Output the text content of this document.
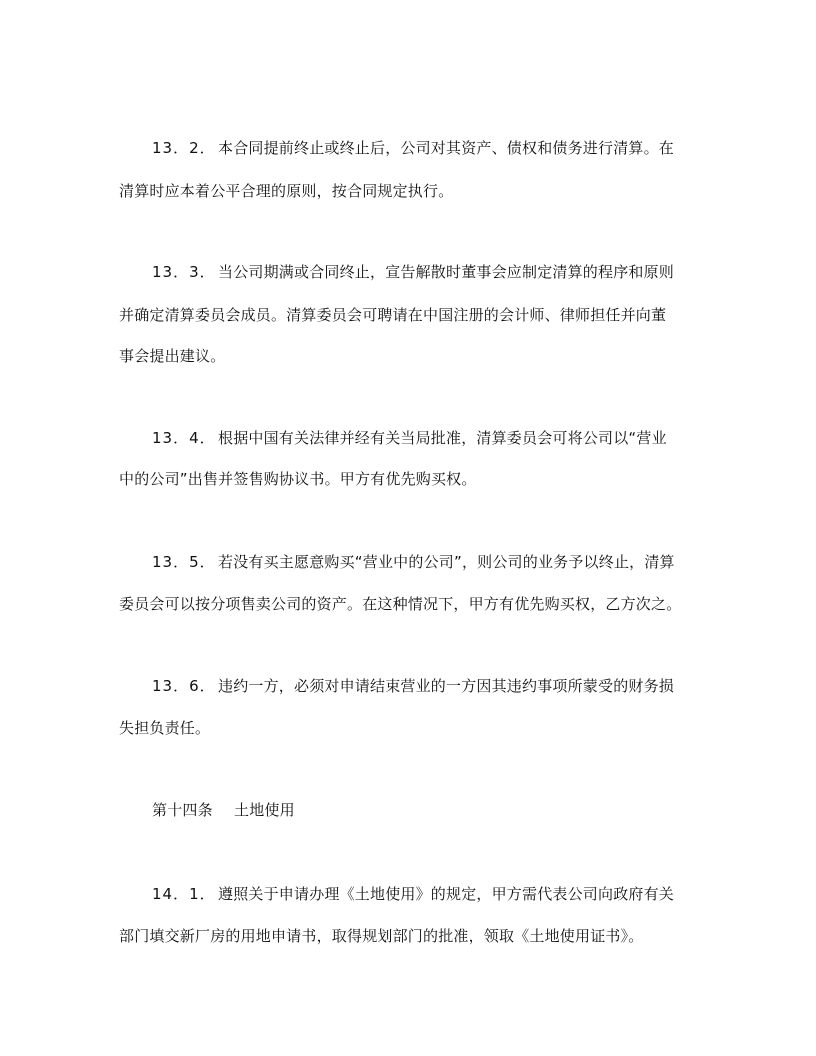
13．2． 本合同提前终止或终止后，公司对其资产、债权和债务进行清算。在
清算时应本着公平合理的原则，按合同规定执行。
13．3． 当公司期满或合同终止，宣告解散时董事会应制定清算的程序和原则
并确定清算委员会成员。清算委员会可聘请在中国注册的会计师、律师担任并向董
事会提出建议。
13．4． 根据中国有关法律并经有关当局批准，清算委员会可将公司以“营业
中的公司”出售并签售购协议书。甲方有优先购买权。
13．5． 若没有买主愿意购买“营业中的公司”，则公司的业务予以终止，清算
委员会可以按分项售卖公司的资产。在这种情况下，甲方有优先购买权，乙方次之。
13．6． 违约一方，必须对申请结束营业的一方因其违约事项所蒙受的财务损
失担负责任。
第十四条 土地使用
14．1． 遵照关于申请办理《土地使用》的规定，甲方需代表公司向政府有关
部门填交新厂房的用地申请书，取得规划部门的批准，领取《土地使用证书》。
